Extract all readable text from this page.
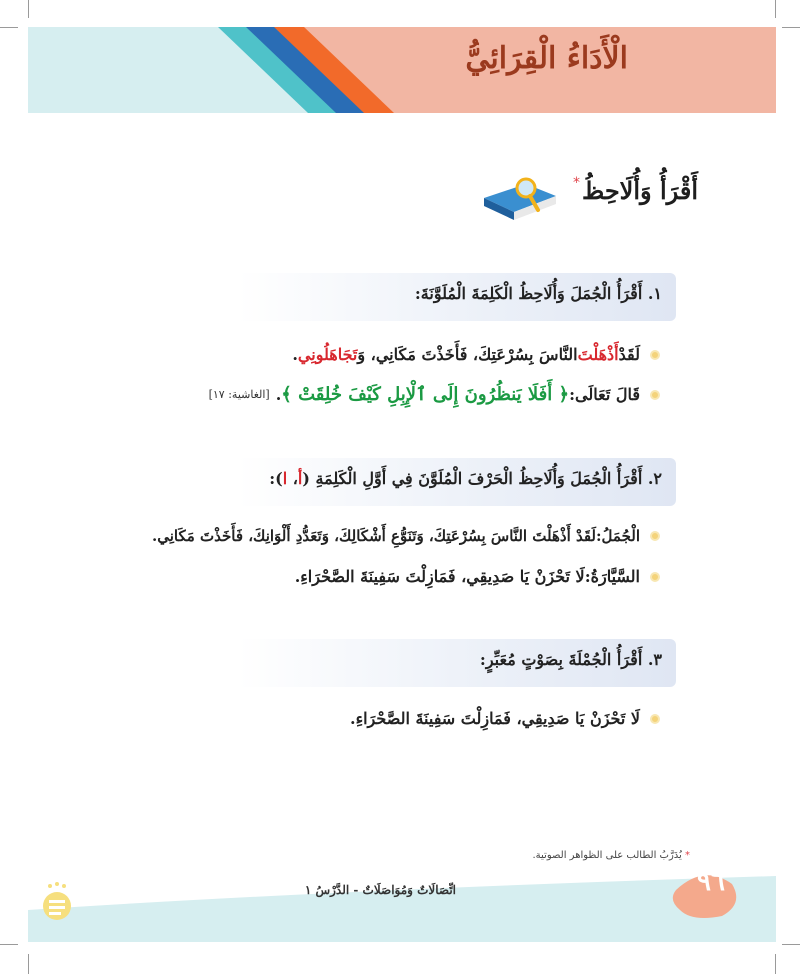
الْأَدَاءُ الْقِرَائِيُّ
أَقْرَأُ وَأُلَاحِظُ
*
١. أَقْرَأُ الْجُمَلَ وَأُلَاحِظُ الْكَلِمَةَ الْمُلَوَّنَةَ:
لَقَدْ
أَذْهَلْتَ
النَّاسَ بِسُرْعَتِكَ، فَأَخَذْتَ مَكَانِي، وَ
تَجَاهَلُونِي
.
قَالَ تَعَالَى:
﴿ أَفَلَا يَنظُرُونَ إِلَى ٱلْإِبِلِ كَيْفَ خُلِقَتْ ﴾
.
[الغاشية: ١٧]
٢. أَقْرَأُ الْجُمَلَ وَأُلَاحِظُ الْحَرْفَ الْمُلَوَّنَ فِي أَوَّلِ الْكَلِمَةِ (أ، ا):
الْجُمَلُ:
لَقَدْ أَذْهَلْتَ النَّاسَ بِسُرْعَتِكَ، وَتَنَوُّعِ أَشْكَالِكَ، وَتَعَدُّدِ أَلْوَانِكَ، فَأَخَذْتَ مَكَانِي.
السَّيَّارَةُ:
لَا تَحْزَنْ يَا صَدِيقِي، فَمَازِلْتَ سَفِينَةَ الصَّحْرَاءِ.
٣. أَقْرَأُ الْجُمْلَةَ بِصَوْتٍ مُعَبِّرٍ:
لَا تَحْزَنْ يَا صَدِيقِي، فَمَازِلْتَ سَفِينَةَ الصَّحْرَاءِ.
* يُدَرَّبُ الطالب على الظواهر الصوتية.
٩٦
اتِّصَالَاتٌ وَمُوَاصَلَاتٌ - الدَّرْسُ ١
